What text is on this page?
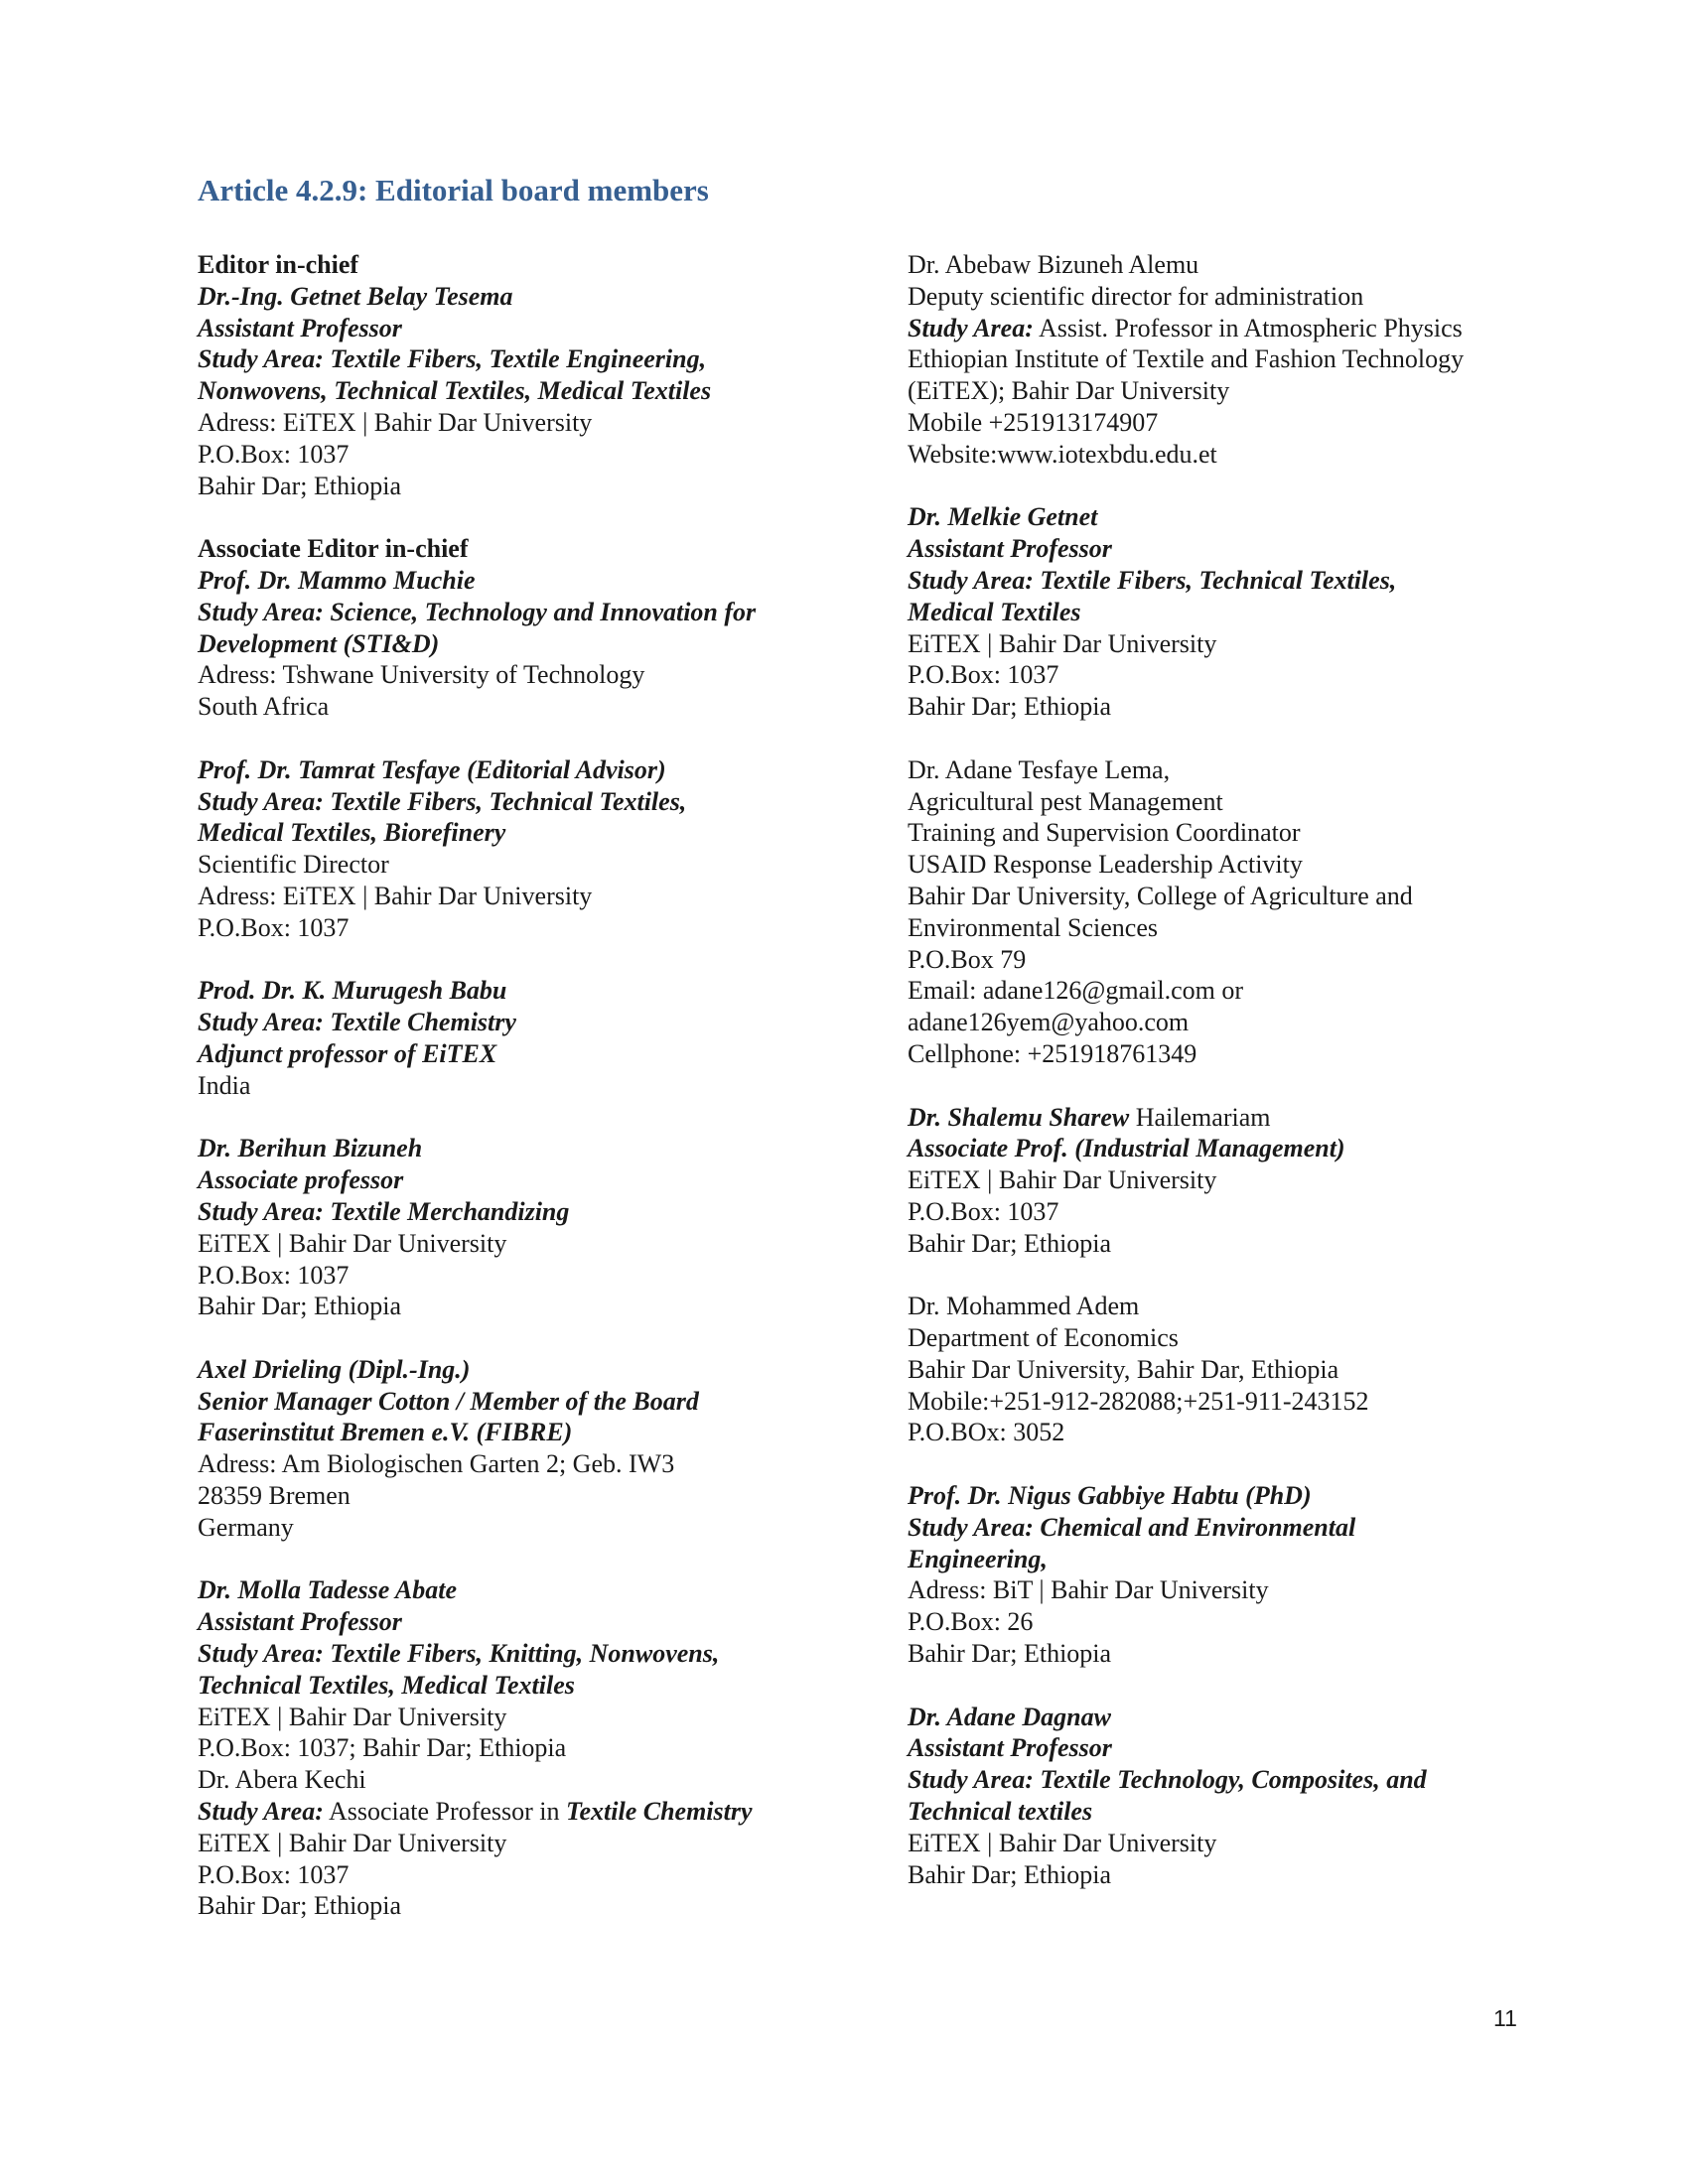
Article 4.2.9: Editorial board members
Editor in-chief
Dr.-Ing. Getnet Belay Tesema
Assistant Professor
Study Area: Textile Fibers, Textile Engineering,
Nonwovens, Technical Textiles, Medical Textiles
Adress: EiTEX | Bahir Dar University
P.O.Box: 1037
Bahir Dar; Ethiopia
Associate Editor in-chief
Prof. Dr. Mammo Muchie
Study Area: Science, Technology and Innovation for
Development (STI&D)
Adress: Tshwane University of Technology
South Africa
Prof. Dr. Tamrat Tesfaye (Editorial Advisor)
Study Area: Textile Fibers, Technical Textiles,
Medical Textiles, Biorefinery
Scientific Director
Adress: EiTEX | Bahir Dar University
P.O.Box: 1037
Prod. Dr. K. Murugesh Babu
Study Area: Textile Chemistry
Adjunct professor of EiTEX
India
Dr. Berihun Bizuneh
Associate professor
Study Area: Textile Merchandizing
EiTEX | Bahir Dar University
P.O.Box: 1037
Bahir Dar; Ethiopia
Axel Drieling (Dipl.-Ing.)
Senior Manager Cotton / Member of the Board
Faserinstitut Bremen e.V. (FIBRE)
Adress: Am Biologischen Garten 2; Geb. IW3
28359 Bremen
Germany
Dr. Molla Tadesse Abate
Assistant Professor
Study Area: Textile Fibers, Knitting, Nonwovens,
Technical Textiles, Medical Textiles
EiTEX | Bahir Dar University
P.O.Box: 1037; Bahir Dar; Ethiopia
Dr. Abera Kechi
Study Area: Associate Professor in Textile Chemistry
EiTEX | Bahir Dar University
P.O.Box: 1037
Bahir Dar; Ethiopia
Dr. Abebaw Bizuneh Alemu
Deputy scientific director for administration
Study Area: Assist. Professor in Atmospheric Physics
Ethiopian Institute of Textile and Fashion Technology
(EiTEX); Bahir Dar University
Mobile +251913174907
Website:www.iotexbdu.edu.et
Dr. Melkie Getnet
Assistant Professor
Study Area: Textile Fibers, Technical Textiles,
Medical Textiles
EiTEX | Bahir Dar University
P.O.Box: 1037
Bahir Dar; Ethiopia
Dr. Adane Tesfaye Lema,
Agricultural pest Management
Training and Supervision Coordinator
USAID Response Leadership Activity
Bahir Dar University, College of Agriculture and
Environmental Sciences
P.O.Box 79
Email: adane126@gmail.com or
adane126yem@yahoo.com
Cellphone: +251918761349
Dr. Shalemu Sharew Hailemariam
Associate Prof. (Industrial Management)
EiTEX | Bahir Dar University
P.O.Box: 1037
Bahir Dar; Ethiopia
Dr. Mohammed Adem
Department of Economics
Bahir Dar University, Bahir Dar, Ethiopia
Mobile:+251-912-282088;+251-911-243152
P.O.BOx: 3052
Prof. Dr. Nigus Gabbiye Habtu (PhD)
Study Area: Chemical and Environmental
Engineering,
Adress: BiT | Bahir Dar University
P.O.Box: 26
Bahir Dar; Ethiopia
Dr. Adane Dagnaw
Assistant Professor
Study Area: Textile Technology, Composites, and
Technical textiles
EiTEX | Bahir Dar University
Bahir Dar; Ethiopia
11
